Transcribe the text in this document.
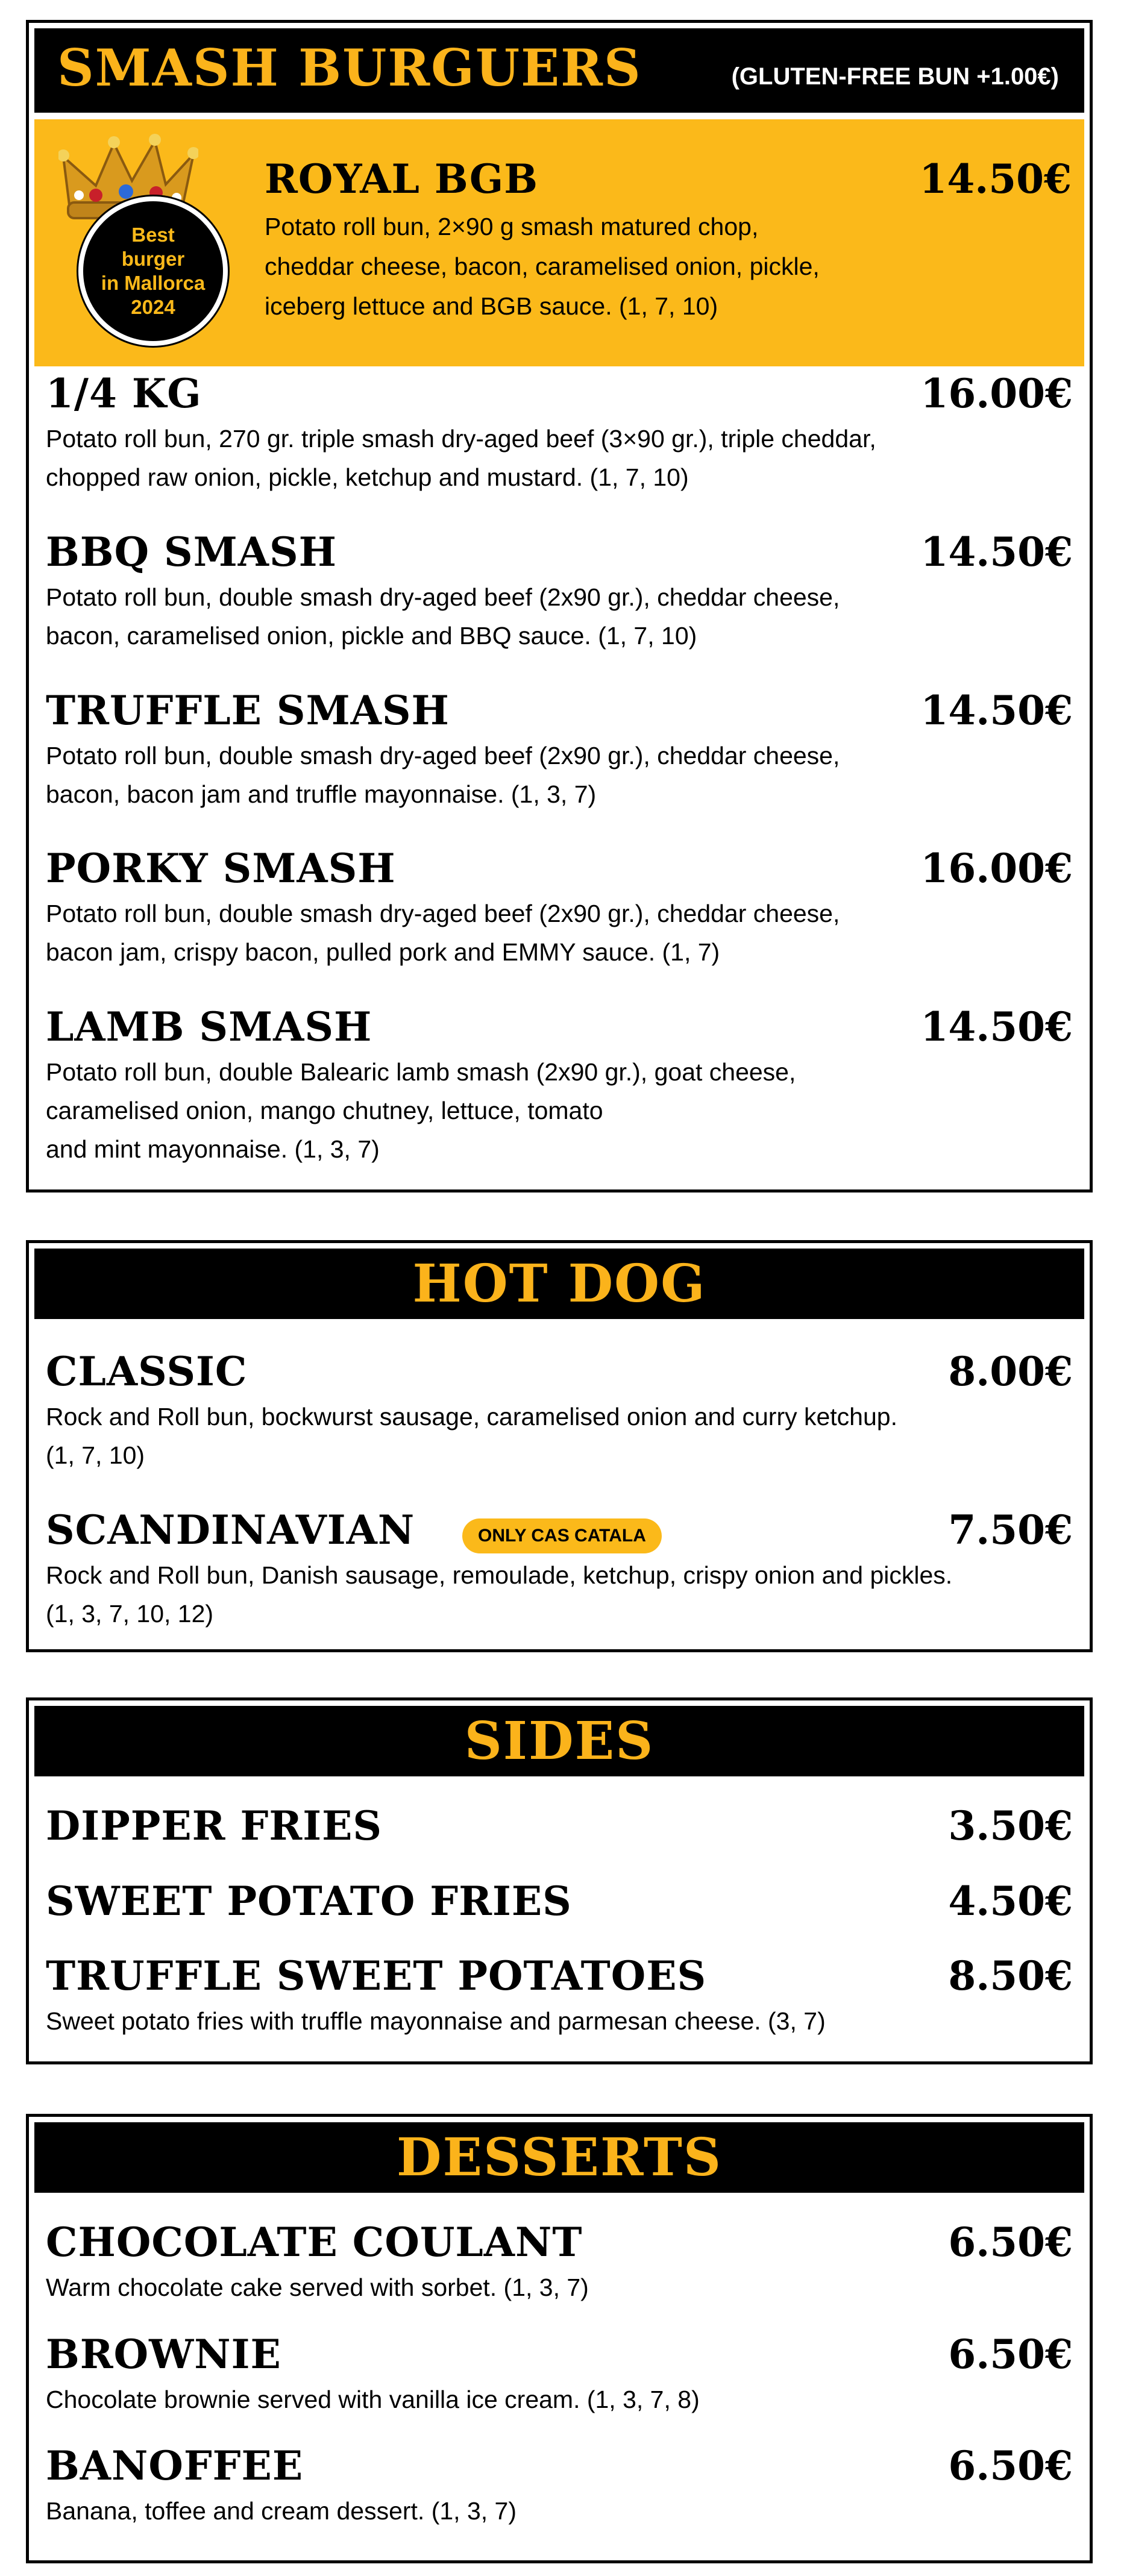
SMASH BURGUERS	(GLUTEN-FREE BUN +1.00€)
Best
burger
in Mallorca
2024
ROYAL BGB	14.50€
Potato roll bun, 2×90 g smash matured chop,
cheddar cheese, bacon, caramelised onion, pickle,
iceberg lettuce and BGB sauce. (1, 7, 10)
1/4 KG	16.00€
Potato roll bun, 270 gr. triple smash dry-aged beef (3×90 gr.), triple cheddar,
chopped raw onion, pickle, ketchup and mustard. (1, 7, 10)
BBQ SMASH	14.50€
Potato roll bun, double smash dry-aged beef (2x90 gr.), cheddar cheese,
bacon, caramelised onion, pickle and BBQ sauce. (1, 7, 10)
TRUFFLE SMASH	14.50€
Potato roll bun, double smash dry-aged beef (2x90 gr.), cheddar cheese,
bacon, bacon jam and truffle mayonnaise. (1, 3, 7)
PORKY SMASH	16.00€
Potato roll bun, double smash dry-aged beef (2x90 gr.), cheddar cheese,
bacon jam, crispy bacon, pulled pork and EMMY sauce. (1, 7)
LAMB SMASH	14.50€
Potato roll bun, double Balearic lamb smash (2x90 gr.), goat cheese,
caramelised onion, mango chutney, lettuce, tomato
and mint mayonnaise. (1, 3, 7)
HOT DOG
CLASSIC	8.00€
Rock and Roll bun, bockwurst sausage, caramelised onion and curry ketchup.
(1, 7, 10)
SCANDINAVIAN	ONLY CAS CATALA	7.50€
Rock and Roll bun, Danish sausage, remoulade, ketchup, crispy onion and pickles.
(1, 3, 7, 10, 12)
SIDES
DIPPER FRIES	3.50€
SWEET POTATO FRIES	4.50€
TRUFFLE SWEET POTATOES	8.50€
Sweet potato fries with truffle mayonnaise and parmesan cheese. (3, 7)
DESSERTS
CHOCOLATE COULANT	6.50€
Warm chocolate cake served with sorbet. (1, 3, 7)
BROWNIE	6.50€
Chocolate brownie served with vanilla ice cream. (1, 3, 7, 8)
BANOFFEE	6.50€
Banana, toffee and cream dessert. (1, 3, 7)
